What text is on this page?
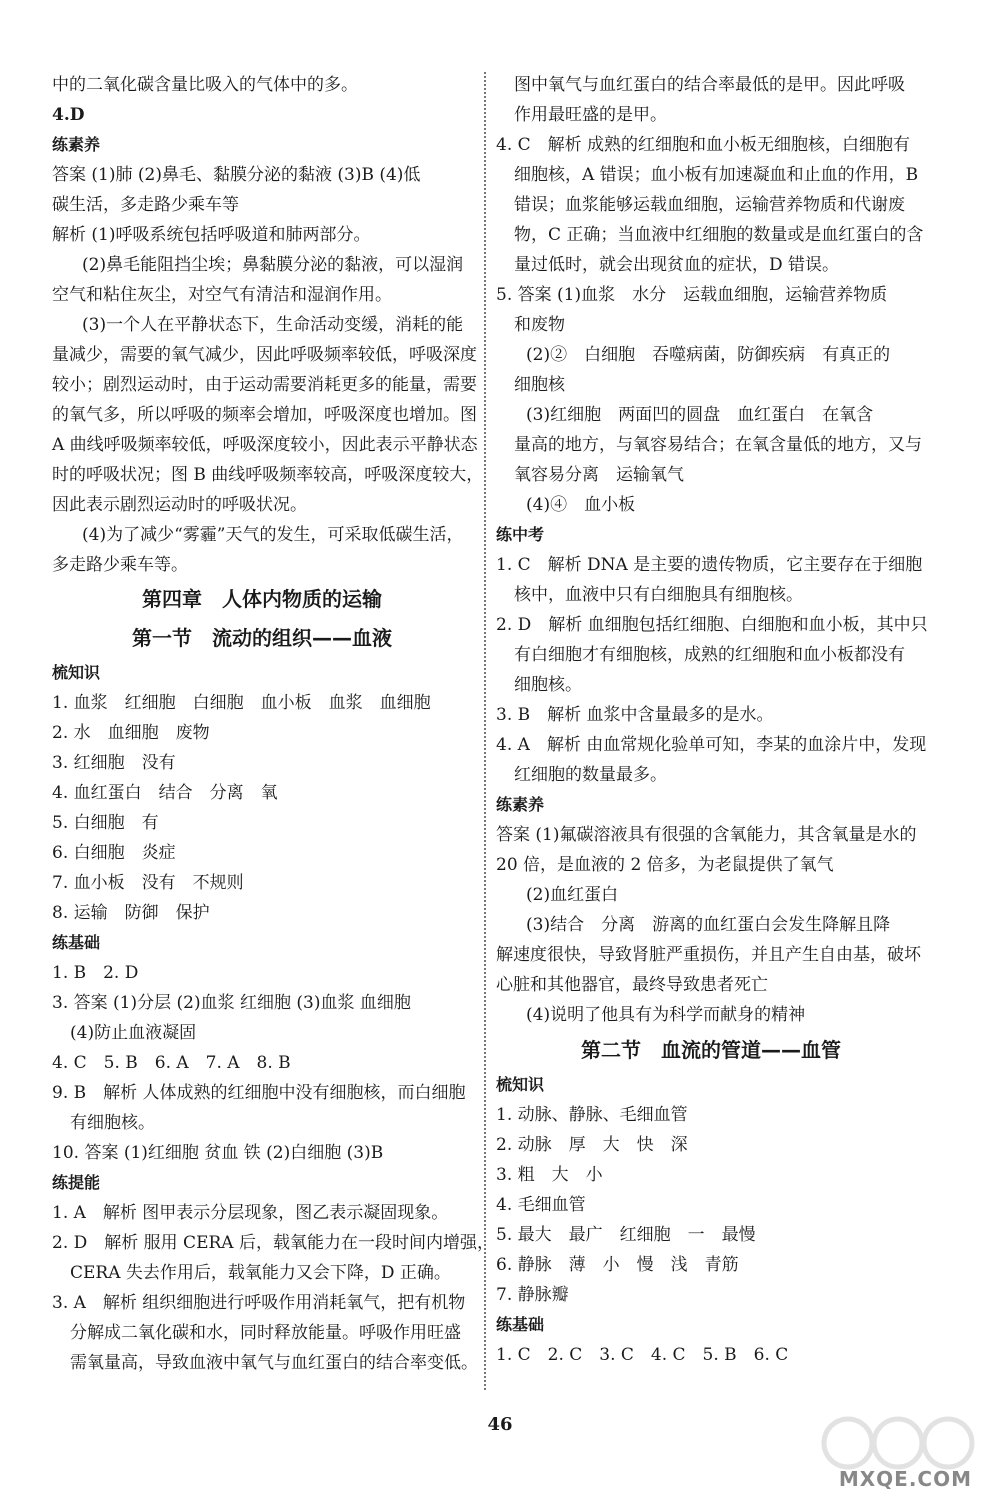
中的二氧化碳含量比吸入的气体中的多。
4.D
练素养
答案 (1)肺 (2)鼻毛、黏膜分泌的黏液 (3)B (4)低
碳生活，多走路少乘车等
解析 (1)呼吸系统包括呼吸道和肺两部分。
(2)鼻毛能阻挡尘埃；鼻黏膜分泌的黏液，可以湿润
空气和粘住灰尘，对空气有清洁和湿润作用。
(3)一个人在平静状态下，生命活动变缓，消耗的能
量减少，需要的氧气减少，因此呼吸频率较低，呼吸深度
较小；剧烈运动时，由于运动需要消耗更多的能量，需要
的氧气多，所以呼吸的频率会增加，呼吸深度也增加。图
A 曲线呼吸频率较低，呼吸深度较小，因此表示平静状态
时的呼吸状况；图 B 曲线呼吸频率较高，呼吸深度较大，
因此表示剧烈运动时的呼吸状况。
(4)为了减少“雾霾”天气的发生，可采取低碳生活，
多走路少乘车等。
第四章　人体内物质的运输
第一节　流动的组织——血液
梳知识
1. 血浆　红细胞　白细胞　血小板　血浆　血细胞
2. 水　血细胞　废物
3. 红细胞　没有
4. 血红蛋白　结合　分离　氧
5. 白细胞　有
6. 白细胞　炎症
7. 血小板　没有　不规则
8. 运输　防御　保护
练基础
1. B　2. D
3. 答案 (1)分层 (2)血浆 红细胞 (3)血浆 血细胞
(4)防止血液凝固
4. C　5. B　6. A　7. A　8. B
9. B　解析 人体成熟的红细胞中没有细胞核，而白细胞
有细胞核。
10. 答案 (1)红细胞 贫血 铁 (2)白细胞 (3)B
练提能
1. A　解析 图甲表示分层现象，图乙表示凝固现象。
2. D　解析 服用 CERA 后，载氧能力在一段时间内增强，
CERA 失去作用后，载氧能力又会下降，D 正确。
3. A　解析 组织细胞进行呼吸作用消耗氧气，把有机物
分解成二氧化碳和水，同时释放能量。呼吸作用旺盛
需氧量高，导致血液中氧气与血红蛋白的结合率变低。
图中氧气与血红蛋白的结合率最低的是甲。因此呼吸
作用最旺盛的是甲。
4. C　解析 成熟的红细胞和血小板无细胞核，白细胞有
细胞核，A 错误；血小板有加速凝血和止血的作用，B
错误；血浆能够运载血细胞，运输营养物质和代谢废
物，C 正确；当血液中红细胞的数量或是血红蛋白的含
量过低时，就会出现贫血的症状，D 错误。
5. 答案 (1)血浆　水分　运载血细胞，运输营养物质
和废物
(2)②　白细胞　吞噬病菌，防御疾病　有真正的
细胞核
(3)红细胞　两面凹的圆盘　血红蛋白　在氧含
量高的地方，与氧容易结合；在氧含量低的地方，又与
氧容易分离　运输氧气
(4)④　血小板
练中考
1. C　解析 DNA 是主要的遗传物质，它主要存在于细胞
核中，血液中只有白细胞具有细胞核。
2. D　解析 血细胞包括红细胞、白细胞和血小板，其中只
有白细胞才有细胞核，成熟的红细胞和血小板都没有
细胞核。
3. B　解析 血浆中含量最多的是水。
4. A　解析 由血常规化验单可知，李某的血涂片中，发现
红细胞的数量最多。
练素养
答案 (1)氟碳溶液具有很强的含氧能力，其含氧量是水的
20 倍，是血液的 2 倍多，为老鼠提供了氧气
(2)血红蛋白
(3)结合　分离　游离的血红蛋白会发生降解且降
解速度很快，导致肾脏严重损伤，并且产生自由基，破坏
心脏和其他器官，最终导致患者死亡
(4)说明了他具有为科学而献身的精神
第二节　血流的管道——血管
梳知识
1. 动脉、静脉、毛细血管
2. 动脉　厚　大　快　深
3. 粗　大　小
4. 毛细血管
5. 最大　最广　红细胞　一　最慢
6. 静脉　薄　小　慢　浅　青筋
7. 静脉瓣
练基础
1. C　2. C　3. C　4. C　5. B　6. C
46
MXQE.COM
